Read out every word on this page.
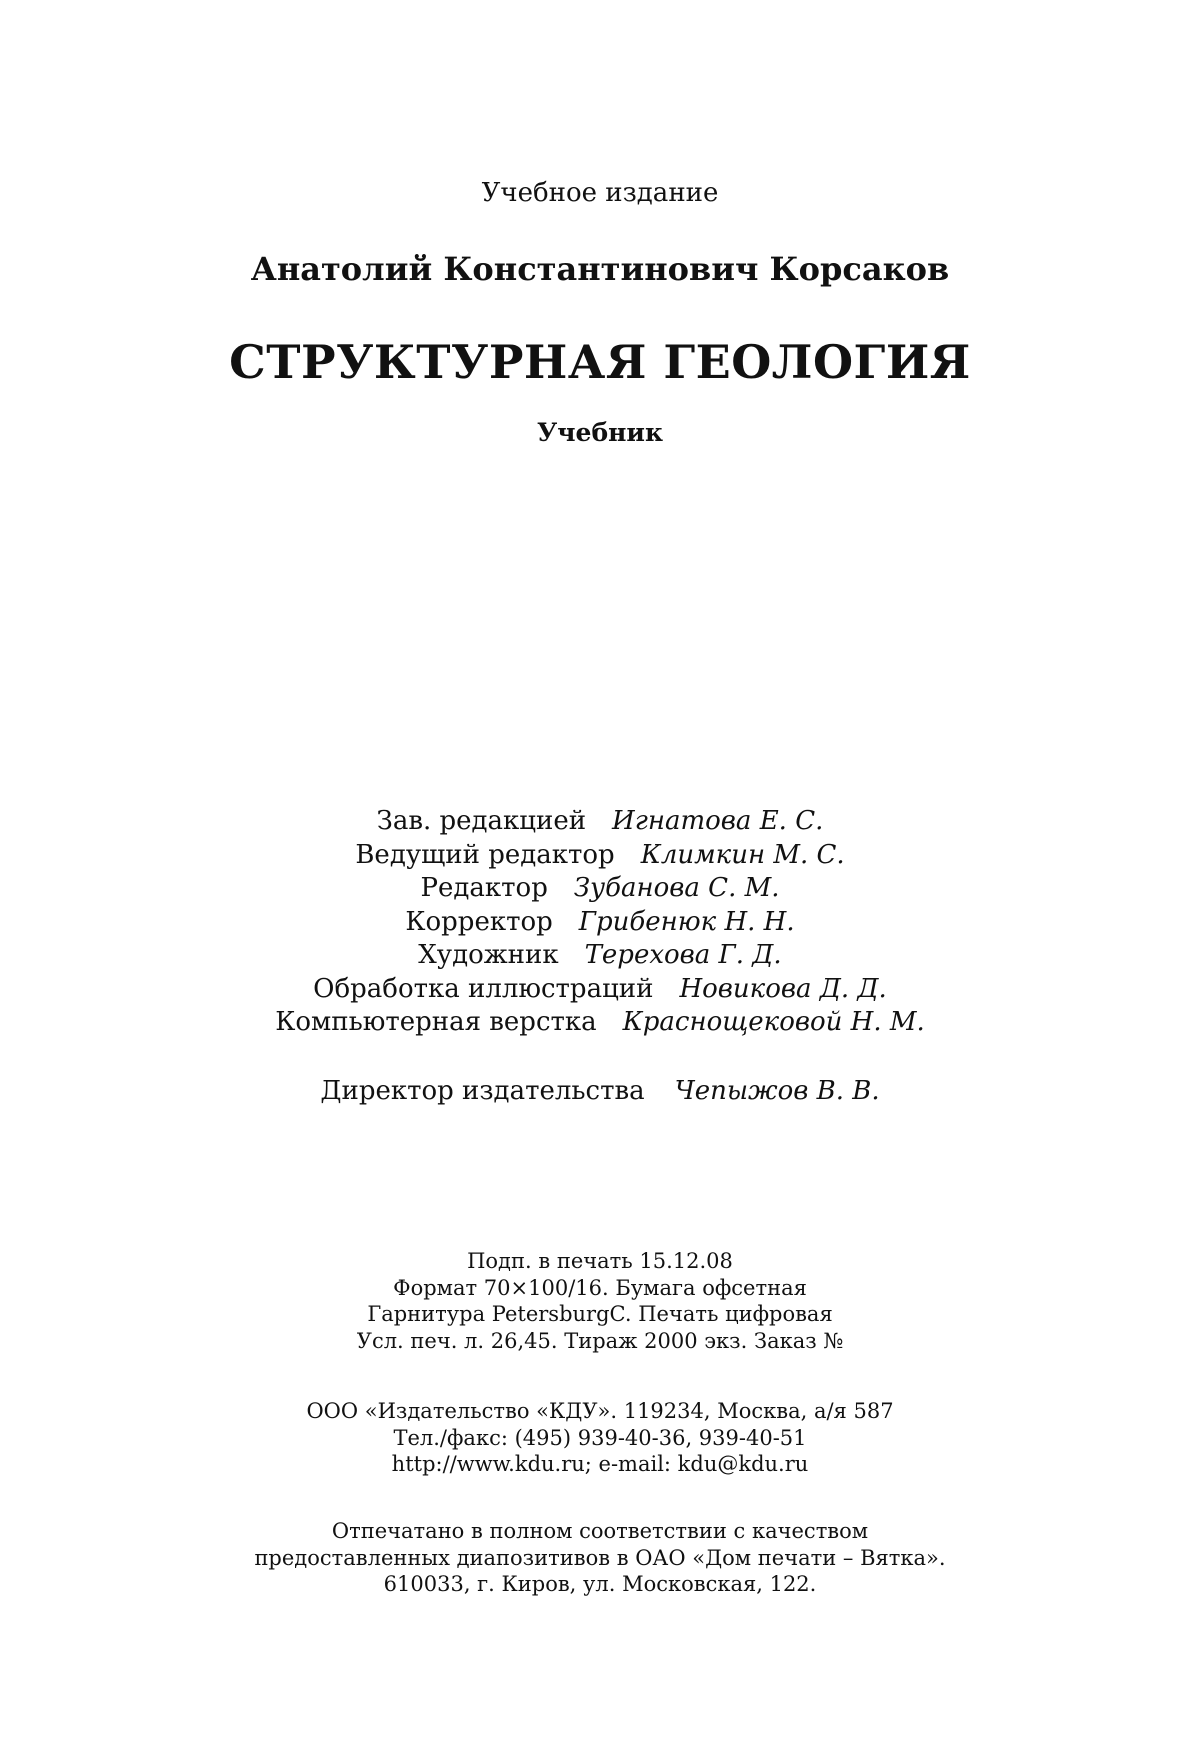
Учебное издание
Анатолий Константинович Корсаков
СТРУКТУРНАЯ ГЕОЛОГИЯ
Учебник
Зав. редакцией Игнатова Е. С.
Ведущий редактор Климкин М. С.
Редактор Зубанова С. М.
Корректор Грибенюк Н. Н.
Художник Терехова Г. Д.
Обработка иллюстраций Новикова Д. Д.
Компьютерная верстка Краснощековой Н. М.
Директор издательства Чепыжов В. В.
Подп. в печать 15.12.08
Формат 70×100/16. Бумага офсетная
Гарнитура PetersburgC. Печать цифровая
Усл. печ. л. 26,45. Тираж 2000 экз. Заказ №
ООО «Издательство «КДУ». 119234, Москва, а/я 587
Тел./факс: (495) 939-40-36, 939-40-51
http://www.kdu.ru; e-mail: kdu@kdu.ru
Отпечатано в полном соответствии с качеством
предоставленных диапозитивов в ОАО «Дом печати – Вятка».
610033, г. Киров, ул. Московская, 122.
